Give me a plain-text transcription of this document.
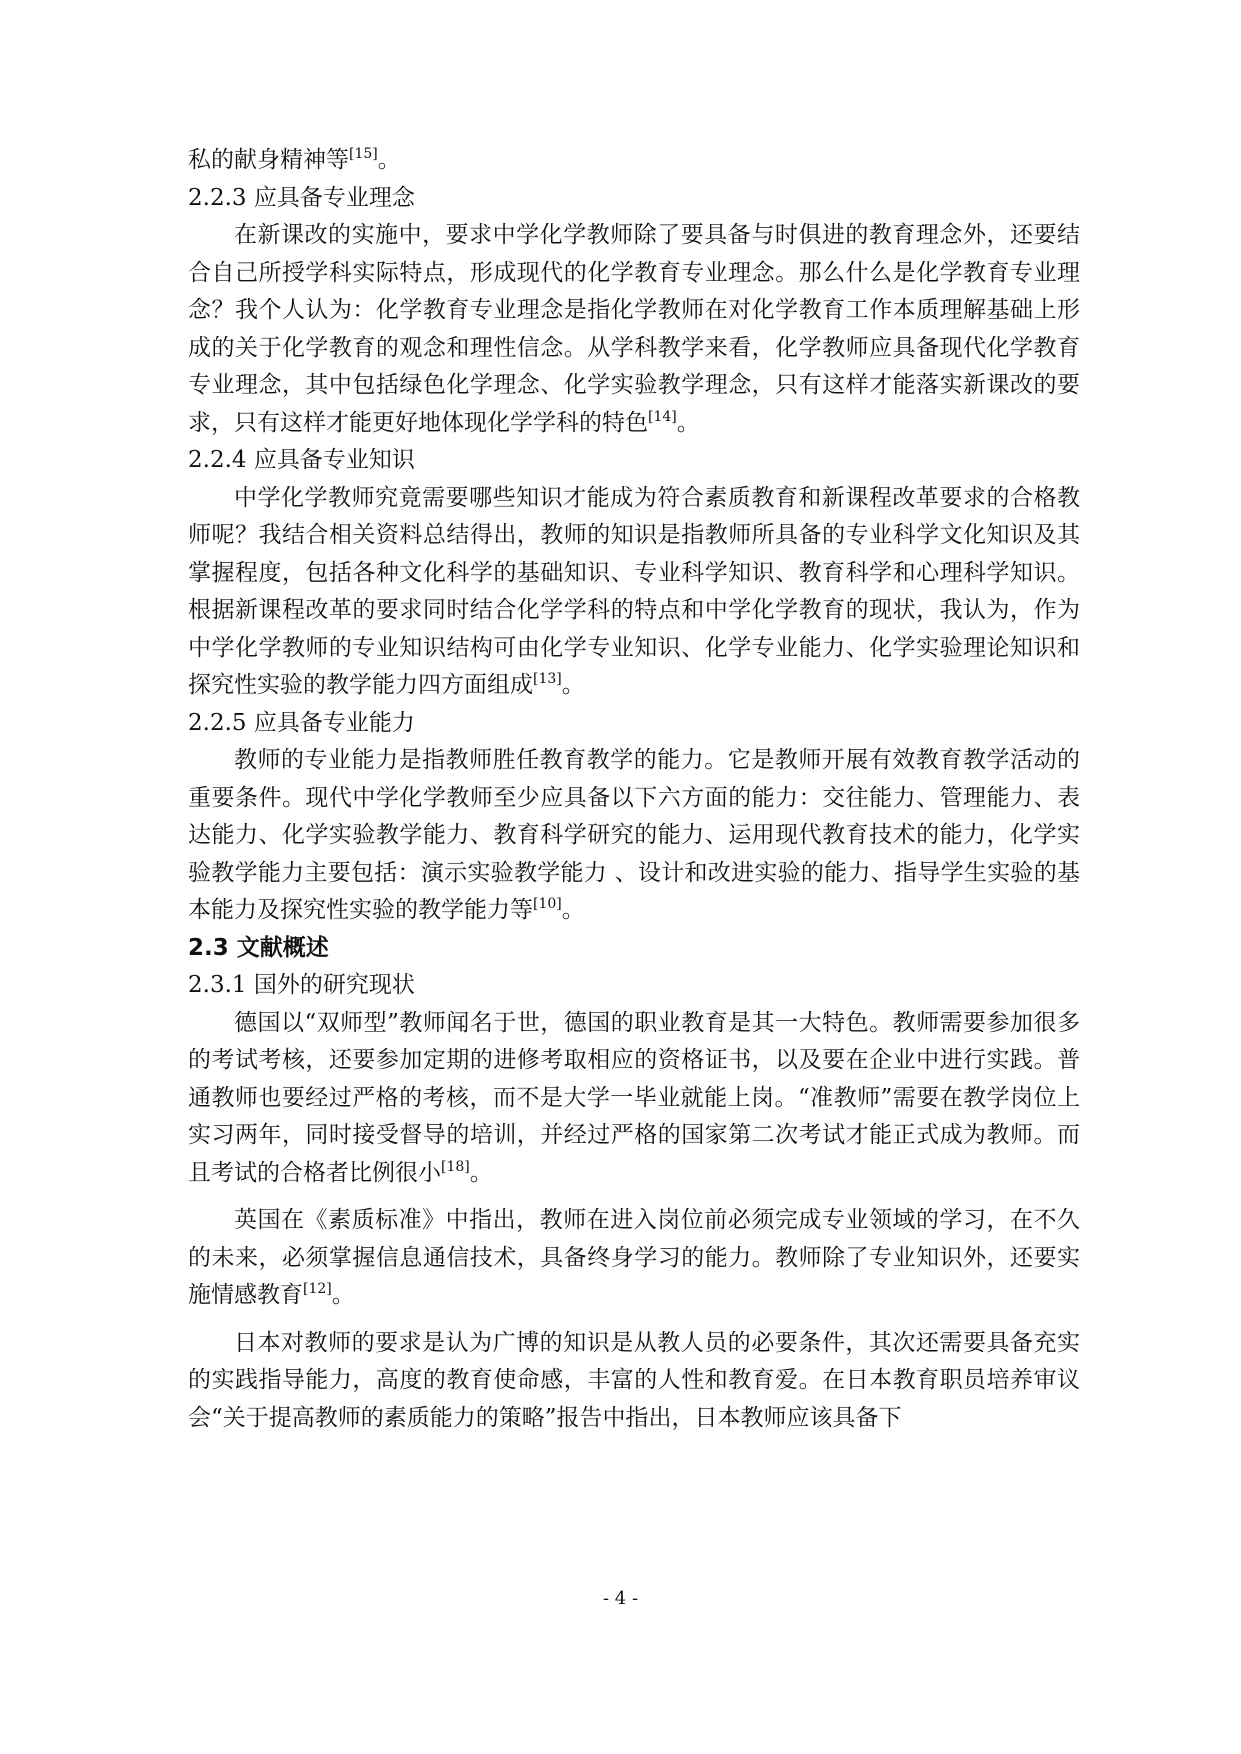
私的献身精神等[15]。

2.2.3 应具备专业理念

在新课改的实施中，要求中学化学教师除了要具备与时俱进的教育理念外，还要结合自己所授学科实际特点，形成现代的化学教育专业理念。那么什么是化学教育专业理念？我个人认为：化学教育专业理念是指化学教师在对化学教育工作本质理解基础上形成的关于化学教育的观念和理性信念。从学科教学来看，化学教师应具备现代化学教育专业理念，其中包括绿色化学理念、化学实验教学理念，只有这样才能落实新课改的要求，只有这样才能更好地体现化学学科的特色[14]。

2.2.4 应具备专业知识

中学化学教师究竟需要哪些知识才能成为符合素质教育和新课程改革要求的合格教师呢？我结合相关资料总结得出，教师的知识是指教师所具备的专业科学文化知识及其掌握程度，包括各种文化科学的基础知识、专业科学知识、教育科学和心理科学知识。根据新课程改革的要求同时结合化学学科的特点和中学化学教育的现状，我认为，作为中学化学教师的专业知识结构可由化学专业知识、化学专业能力、化学实验理论知识和探究性实验的教学能力四方面组成[13]。

2.2.5 应具备专业能力

教师的专业能力是指教师胜任教育教学的能力。它是教师开展有效教育教学活动的重要条件。现代中学化学教师至少应具备以下六方面的能力：交往能力、管理能力、表达能力、化学实验教学能力、教育科学研究的能力、运用现代教育技术的能力，化学实验教学能力主要包括：演示实验教学能力 、设计和改进实验的能力、指导学生实验的基本能力及探究性实验的教学能力等[10]。

2.3 文献概述
2.3.1 国外的研究现状

德国以“双师型”教师闻名于世，德国的职业教育是其一大特色。教师需要参加很多的考试考核，还要参加定期的进修考取相应的资格证书，以及要在企业中进行实践。普通教师也要经过严格的考核，而不是大学一毕业就能上岗。“准教师”需要在教学岗位上实习两年，同时接受督导的培训，并经过严格的国家第二次考试才能正式成为教师。而且考试的合格者比例很小[18]。

英国在《素质标准》中指出，教师在进入岗位前必须完成专业领域的学习，在不久的未来，必须掌握信息通信技术，具备终身学习的能力。教师除了专业知识外，还要实施情感教育[12]。

日本对教师的要求是认为广博的知识是从教人员的必要条件，其次还需要具备充实的实践指导能力，高度的教育使命感，丰富的人性和教育爱。在日本教育职员培养审议会“关于提高教师的素质能力的策略”报告中指出，日本教师应该具备下

- 4 -
